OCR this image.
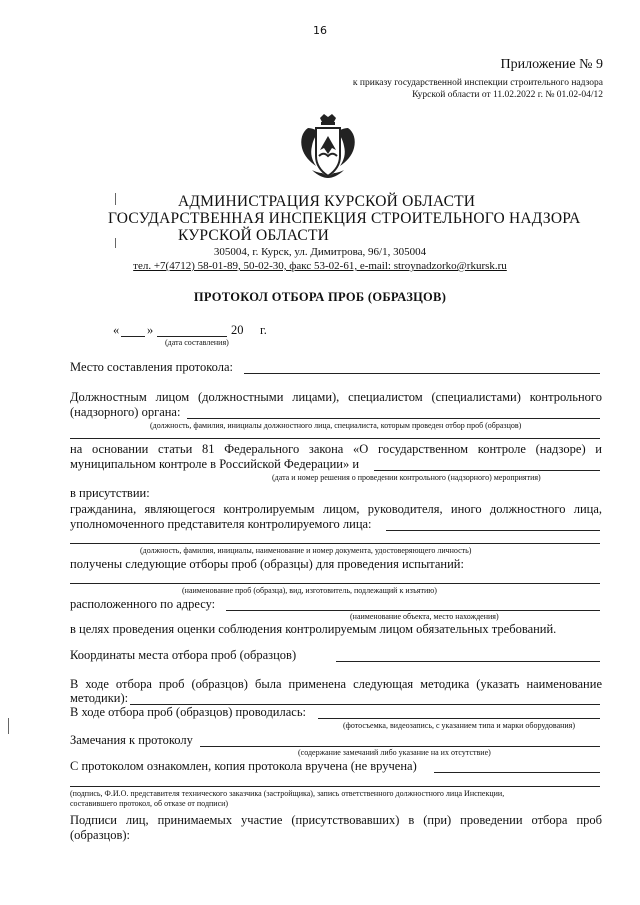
16
Приложение № 9
к приказу государственной инспекции строительного надзора
Курской области от 11.02.2022 г. № 01.02-04/12
АДМИНИСТРАЦИЯ КУРСКОЙ ОБЛАСТИ
ГОСУДАРСТВЕННАЯ ИНСПЕКЦИЯ СТРОИТЕЛЬНОГО НАДЗОРА
КУРСКОЙ ОБЛАСТИ
305004, г. Курск, ул. Димитрова, 96/1, 305004
тел. +7(4712) 58-01-89, 50-02-30, факс 53-02-61, e-mail: stroynadzorko@rkursk.ru
ПРОТОКОЛ ОТБОРА ПРОБ (ОБРАЗЦОВ)
« »	20 г.
(дата составления)
Место составления протокола:
Должностным лицом (должностными лицами), специалистом (специалистами) контрольного
(надзорного) органа:
(должность, фамилия, инициалы должностного лица, специалиста, которым проведен отбор проб (образцов)
на основании статьи 81 Федерального закона «О государственном контроле (надзоре) и
муниципальном контроле в Российской Федерации» и
(дата и номер решения о проведении контрольного (надзорного) мероприятия)
в присутствии:
гражданина, являющегося контролируемым лицом, руководителя, иного должностного лица,
уполномоченного представителя контролируемого лица:
(должность, фамилия, инициалы, наименование и номер документа, удостоверяющего личность)
получены следующие отборы проб (образцы) для проведения испытаний:
(наименование проб (образца), вид, изготовитель, подлежащий к изъятию)
расположенного по адресу:
(наименование объекта, место нахождения)
в целях проведения оценки соблюдения контролируемым лицом обязательных требований.
Координаты места отбора проб (образцов)
В ходе отбора проб (образцов) была применена следующая методика (указать наименование
методики):
В ходе отбора проб (образцов) проводилась:
(фотосъемка, видеозапись, с указанием типа и марки оборудования)
Замечания к протоколу
(содержание замечаний либо указание на их отсутствие)
С протоколом ознакомлен, копия протокола вручена (не вручена)
(подпись, Ф.И.О. представителя технического заказчика (застройщика), запись ответственного должностного лица Инспекции,
составившего протокол, об отказе от подписи)
Подписи лиц, принимаемых участие (присутствовавших) в (при) проведении отбора проб
(образцов):
